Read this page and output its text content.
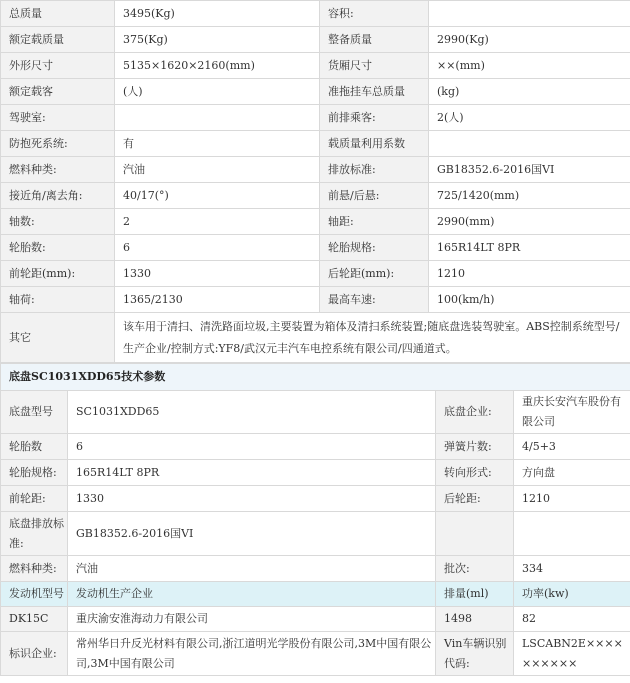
总质量	3495(Kg)	容积:	
额定载质量	375(Kg)	整备质量	2990(Kg)
外形尺寸	5135×1620×2160(mm)	货厢尺寸	××(mm)
额定载客	(人)	准拖挂车总质量	(kg)
驾驶室:		前排乘客:	2(人)
防抱死系统:	有	载质量利用系数	
燃料种类:	汽油	排放标准:	GB18352.6-2016国VI
接近角/离去角:	40/17(°)	前悬/后悬:	725/1420(mm)
轴数:	2	轴距:	2990(mm)
轮胎数:	6	轮胎规格:	165R14LT 8PR
前轮距(mm):	1330	后轮距(mm):	1210
轴荷:	1365/2130	最高车速:	100(km/h)
其它	该车用于清扫、清洗路面垃圾,主要装置为箱体及清扫系统装置;随底盘选装驾驶室。ABS控制系统型号/生产企业/控制方式:YF8/武汉元丰汽车电控系统有限公司/四通道式。		
底盘SC1031XDD65技术参数			
底盘型号	SC1031XDD65	底盘企业:	重庆长安汽车股份有限公司
轮胎数	6	弹簧片数:	4/5+3
轮胎规格:	165R14LT 8PR	转向形式:	方向盘
前轮距:	1330	后轮距:	1210
底盘排放标准:	GB18352.6-2016国VI		
燃料种类:	汽油	批次:	334
发动机型号	发动机生产企业	排量(ml)	功率(kw)
DK15C	重庆渝安淮海动力有限公司	1498	82
标识企业:	常州华日升反光材料有限公司,浙江道明光学股份有限公司,3M中国有限公司,3M中国有限公司	Vin车辆识别代码:	LSCABN2E××××××××××
